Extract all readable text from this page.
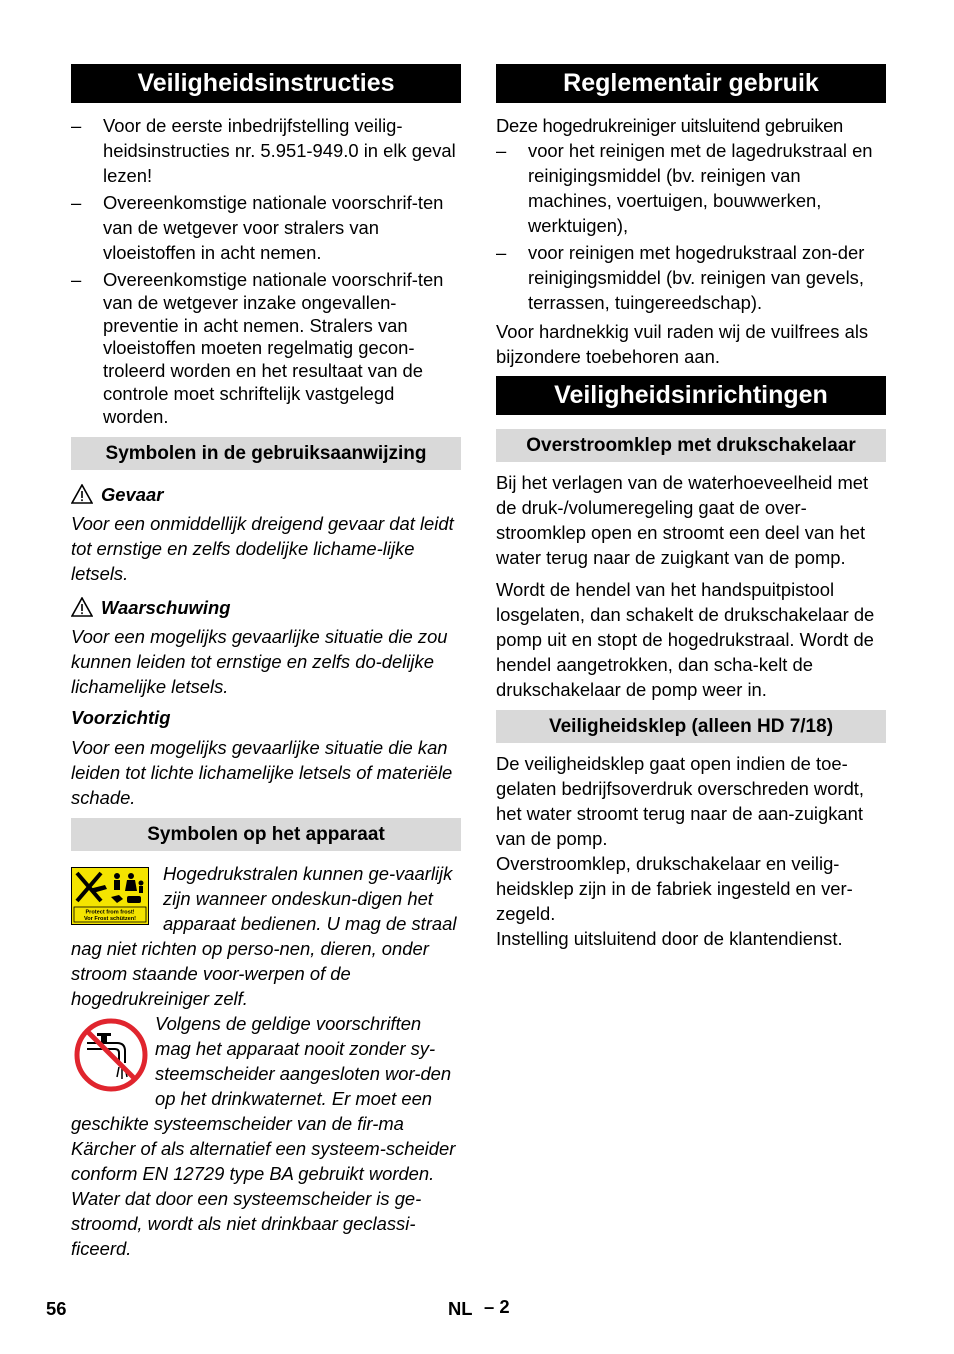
Veiligheidsinstructies
– Voor de eerste inbedrijfstelling veilig-heidsinstructies nr. 5.951-949.0 in elk geval lezen!
– Overeenkomstige nationale voorschrif-ten van de wetgever voor stralers van vloeistoffen in acht nemen.
– Overeenkomstige nationale voorschrif-ten van de wetgever inzake ongevallen-preventie in acht nemen. Stralers van vloeistoffen moeten regelmatig gecon-troleerd worden en het resultaat van de controle moet schriftelijk vastgelegd worden.
Symbolen in de gebruiksaanwijzing
Gevaar

Voor een onmiddellijk dreigend gevaar dat leidt tot ernstige en zelfs dodelijke lichame-lijke letsels.

Waarschuwing

Voor een mogelijks gevaarlijke situatie die zou kunnen leiden tot ernstige en zelfs do-delijke lichamelijke letsels.

Voorzichtig

Voor een mogelijks gevaarlijke situatie die kan leiden tot lichte lichamelijke letsels of materiële schade.

Symbolen op het apparaat
Protect from frost!
Vor Frost schützen!

Hogedrukstralen kunnen ge-vaarlijk zijn wanneer ondeskun-digen het apparaat bedienen. U mag de straal nag niet richten op perso-nen, dieren, onder stroom staande voor-werpen of de hogedrukreiniger zelf.

Volgens de geldige voorschriften mag het apparaat nooit zonder sy-steemscheider aangesloten wor-den op het drinkwaternet. Er moet een geschikte systeemscheider van de fir-ma Kärcher of als alternatief een systeem-scheider conform EN 12729 type BA gebruikt worden.

Water dat door een systeemscheider is ge-stroomd, wordt als niet drinkbaar geclassi-ficeerd.

Reglementair gebruik

Deze hogedrukreiniger uitsluitend gebruiken

– voor het reinigen met de lagedrukstraal en reinigingsmiddel (bv. reinigen van machines, voertuigen, bouwwerken, werktuigen),
– voor reinigen met hogedrukstraal zon-der reinigingsmiddel (bv. reinigen van gevels, terrassen, tuingereedschap).

Voor hardnekkig vuil raden wij de vuilfrees als bijzondere toebehoren aan.

Veiligheidsinrichtingen
Overstroomklep met drukschakelaar

Bij het verlagen van de waterhoeveelheid met de druk-/volumeregeling gaat de over-stroomklep open en stroomt een deel van het water terug naar de zuigkant van de pomp.

Wordt de hendel van het handspuitpistool losgelaten, dan schakelt de drukschakelaar de pomp uit en stopt de hogedrukstraal. Wordt de hendel aangetrokken, dan scha-kelt de drukschakelaar de pomp weer in.

Veiligheidsklep (alleen HD 7/18)

De veiligheidsklep gaat open indien de toe-gelaten bedrijfsoverdruk overschreden wordt, het water stroomt terug naar de aan-zuigkant van de pomp.

Overstroomklep, drukschakelaar en veilig-heidsklep zijn in de fabriek ingesteld en ver-zegeld.

Instelling uitsluitend door de klantendienst.

56	NL – 2
